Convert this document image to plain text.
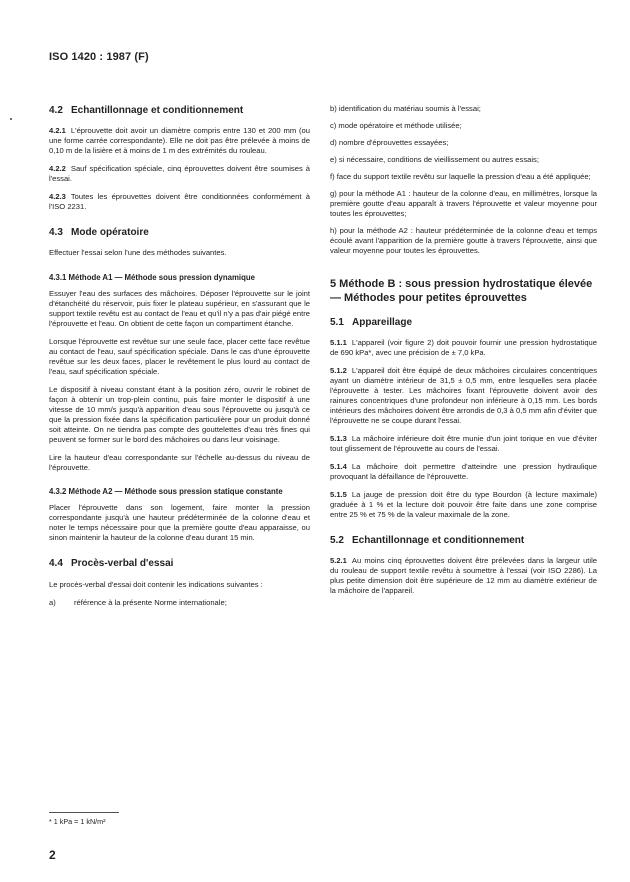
ISO 1420 : 1987 (F)
4.2 Echantillonnage et conditionnement

4.2.1 L'éprouvette doit avoir un diamètre compris entre 130 et 200 mm (ou une forme carrée correspondante). Elle ne doit pas être prélevée à moins de 0,10 m de la lisière et à moins de 1 m des extrémités du rouleau.

4.2.2 Sauf spécification spéciale, cinq éprouvettes doivent être soumises à l'essai.

4.2.3 Toutes les éprouvettes doivent être conditionnées conformément à l'ISO 2231.

4.3 Mode opératoire

Effectuer l'essai selon l'une des méthodes suivantes.

4.3.1 Méthode A1 — Méthode sous pression dynamique

Essuyer l'eau des surfaces des mâchoires. Déposer l'éprouvette sur le joint d'étanchéité du réservoir, puis fixer le plateau supérieur, en s'assurant que le support textile revêtu est au contact de l'eau et qu'il n'y a pas d'air piégé entre l'éprouvette et l'eau. On obtient de cette façon un compartiment étanche.

Lorsque l'éprouvette est revêtue sur une seule face, placer cette face revêtue au contact de l'eau, sauf spécification spéciale. Dans le cas d'une éprouvette revêtue sur les deux faces, placer le revêtement le plus lourd au contact de l'eau, sauf spécification spéciale.

Le dispositif à niveau constant étant à la position zéro, ouvrir le robinet de façon à obtenir un trop-plein continu, puis faire monter le dispositif à une vitesse de 10 mm/s jusqu'à apparition d'eau sous l'éprouvette ou jusqu'à ce que la pression fixée dans la spécification particulière pour un produit donné soit atteinte. On ne tiendra pas compte des gouttelettes d'eau très fines qui peuvent se former sur le bord des mâchoires ou dans leur voisinage.

Lire la hauteur d'eau correspondante sur l'échelle au-dessus du niveau de l'éprouvette.

4.3.2 Méthode A2 — Méthode sous pression statique constante

Placer l'éprouvette dans son logement, faire monter la pression correspondante jusqu'à une hauteur prédéterminée de la colonne d'eau et noter le temps nécessaire pour que la première goutte d'eau apparaisse, ou sinon maintenir la hauteur de la colonne d'eau durant 15 min.

4.4 Procès-verbal d'essai

Le procès-verbal d'essai doit contenir les indications suivantes :

a) référence à la présente Norme internationale;
b) identification du matériau soumis à l'essai;
c) mode opératoire et méthode utilisée;
d) nombre d'éprouvettes essayées;
e) si nécessaire, conditions de vieillissement ou autres essais;
f) face du support textile revêtu sur laquelle la pression d'eau a été appliquée;
g) pour la méthode A1 : hauteur de la colonne d'eau, en millimètres, lorsque la première goutte d'eau apparaît à travers l'éprouvette et valeur moyenne pour toutes les éprouvettes;
h) pour la méthode A2 : hauteur prédéterminée de la colonne d'eau et temps écoulé avant l'apparition de la première goutte à travers l'éprouvette, ainsi que valeur moyenne pour toutes les éprouvettes.
5 Méthode B : sous pression hydrostatique élevée — Méthodes pour petites éprouvettes
5.1 Appareillage

5.1.1 L'appareil (voir figure 2) doit pouvoir fournir une pression hydrostatique de 690 kPa*, avec une précision de ± 7,0 kPa.

5.1.2 L'appareil doit être équipé de deux mâchoires circulaires concentriques ayant un diamètre intérieur de 31,5 ± 0,5 mm, entre lesquelles sera placée l'éprouvette à tester. Les mâchoires fixant l'éprouvette doivent avoir des rainures concentriques d'une profondeur non inférieure à 0,15 mm. Les bords intérieurs des mâchoires doivent être arrondis de 0,3 à 0,5 mm afin d'éviter que l'éprouvette ne se coupe durant l'essai.

5.1.3 La mâchoire inférieure doit être munie d'un joint torique en vue d'éviter tout glissement de l'éprouvette au cours de l'essai.

5.1.4 La mâchoire doit permettre d'atteindre une pression hydraulique provoquant la défaillance de l'éprouvette.

5.1.5 La jauge de pression doit être du type Bourdon (à lecture maximale) graduée à 1 % et la lecture doit pouvoir être faite dans une zone comprise entre 25 % et 75 % de la valeur maximale de la zone.

5.2 Echantillonnage et conditionnement

5.2.1 Au moins cinq éprouvettes doivent être prélevées dans la largeur utile du rouleau de support textile revêtu à soumettre à l'essai (voir ISO 2286). La plus petite dimension doit être supérieure de 12 mm au diamètre extérieur de la mâchoire de l'appareil.

* 1 kPa = 1 kN/m²
2
